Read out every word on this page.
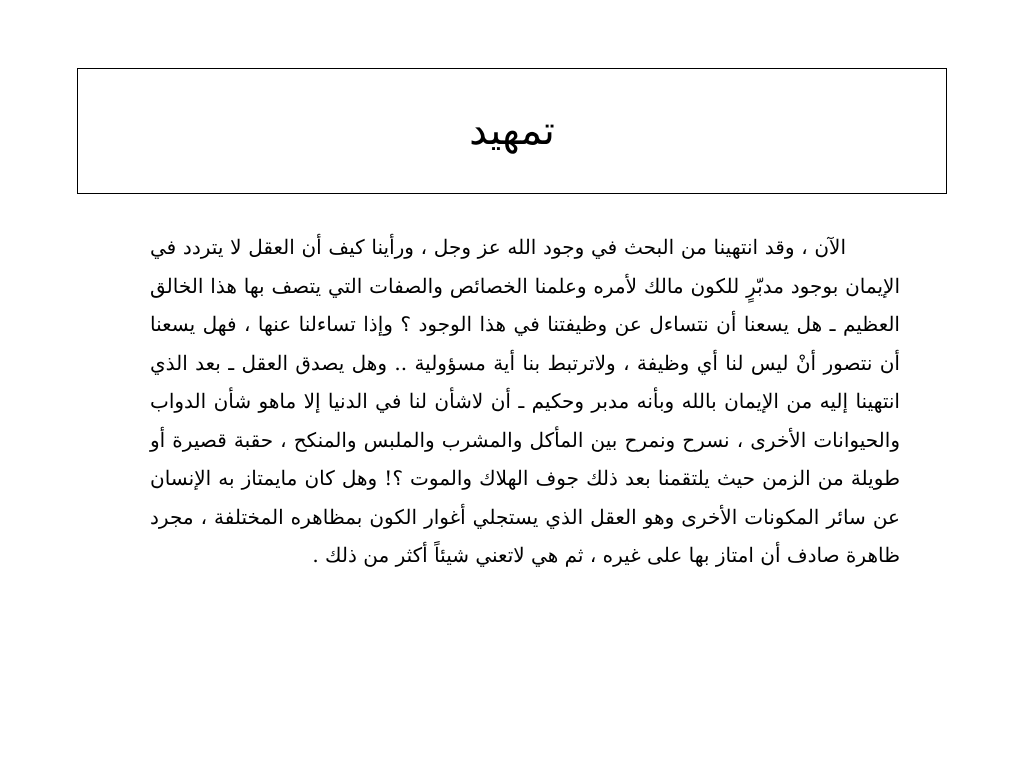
تمهيد

الآن ، وقد انتهينا من البحث في وجود الله عز وجل ، ورأينا كيف أن العقل لا يتردد في الإيمان بوجود مدبّرٍ للكون مالك لأمره وعلمنا الخصائص والصفات التي يتصف بها هذا الخالق العظيم ـ هل يسعنا أن نتساءل عن وظيفتنا في هذا الوجود ؟ وإذا تساءلنا عنها ، فهل يسعنا أن نتصور أنْ ليس لنا أي وظيفة ، ولاترتبط بنا أية مسؤولية .. وهل يصدق العقل ـ بعد الذي انتهينا إليه من الإيمان بالله وبأنه مدبر وحكيم ـ أن لاشأن لنا في الدنيا إلا ماهو شأن الدواب والحيوانات الأخرى ، نسرح ونمرح بين المأكل والمشرب والملبس والمنكح ، حقبة قصيرة أو طويلة من الزمن حيث يلتقمنا بعد ذلك جوف الهلاك والموت ؟! وهل كان مايمتاز به الإنسان عن سائر المكونات الأخرى وهو العقل الذي يستجلي أغوار الكون بمظاهره المختلفة ، مجرد ظاهرة صادف أن امتاز بها على غيره ، ثم هي لاتعني شيئاً أكثر من ذلك .
